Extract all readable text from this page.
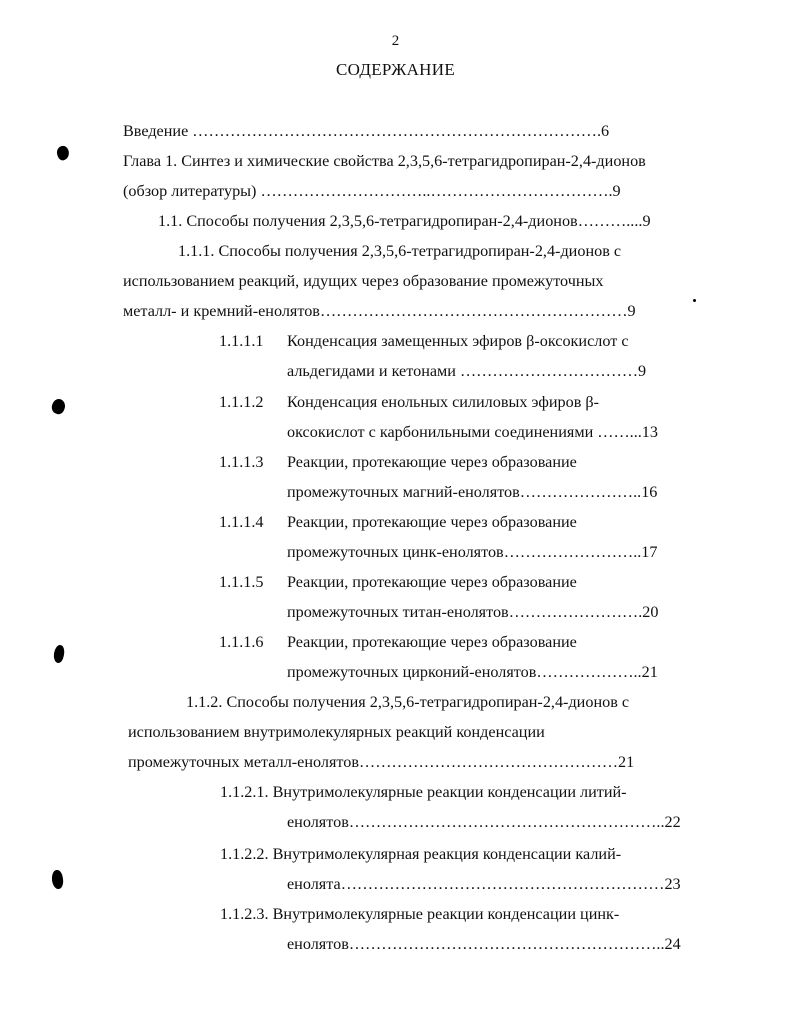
2
СОДЕРЖАНИЕ
Введение ………………………………………………………………….6
Глава 1. Синтез и химические свойства 2,3,5,6-тетрагидропиран-2,4-дионов
(обзор литературы) …………………………..…………………………….9
1.1. Способы получения 2,3,5,6-тетрагидропиран-2,4-дионов………....9
1.1.1. Способы получения 2,3,5,6-тетрагидропиран-2,4-дионов с
использованием реакций, идущих через образование промежуточных
металл- и кремний-енолятов…………………………………………………9
1.1.1.1 Конденсация замещенных эфиров β-оксокислот с
альдегидами и кетонами ……………………………9
1.1.1.2 Конденсация енольных силиловых эфиров β-
оксокислот с карбонильными соединениями ……...13
1.1.1.3 Реакции, протекающие через образование
промежуточных магний-енолятов…………………..16
1.1.1.4 Реакции, протекающие через образование
промежуточных цинк-енолятов……………………..17
1.1.1.5 Реакции, протекающие через образование
промежуточных титан-енолятов…………………….20
1.1.1.6 Реакции, протекающие через образование
промежуточных цирконий-енолятов………………..21
1.1.2. Способы получения 2,3,5,6-тетрагидропиран-2,4-дионов с
использованием внутримолекулярных реакций конденсации
промежуточных металл-енолятов…………………………………………21
1.1.2.1. Внутримолекулярные реакции конденсации литий-
енолятов…………………………………………………..22
1.1.2.2. Внутримолекулярная реакция конденсации калий-
енолята……………………………………………………23
1.1.2.3. Внутримолекулярные реакции конденсации цинк-
енолятов…………………………………………………..24
